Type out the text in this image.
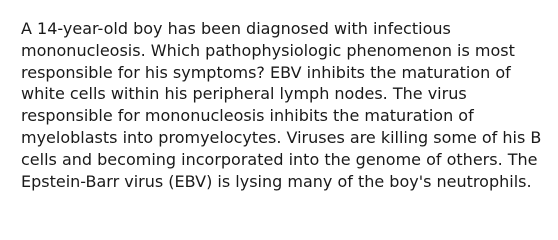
A 14-year-old boy has been diagnosed with infectious
mononucleosis. Which pathophysiologic phenomenon is most
responsible for his symptoms? EBV inhibits the maturation of
white cells within his peripheral lymph nodes. The virus
responsible for mononucleosis inhibits the maturation of
myeloblasts into promyelocytes. Viruses are killing some of his B
cells and becoming incorporated into the genome of others. The
Epstein-Barr virus (EBV) is lysing many of the boy's neutrophils.
